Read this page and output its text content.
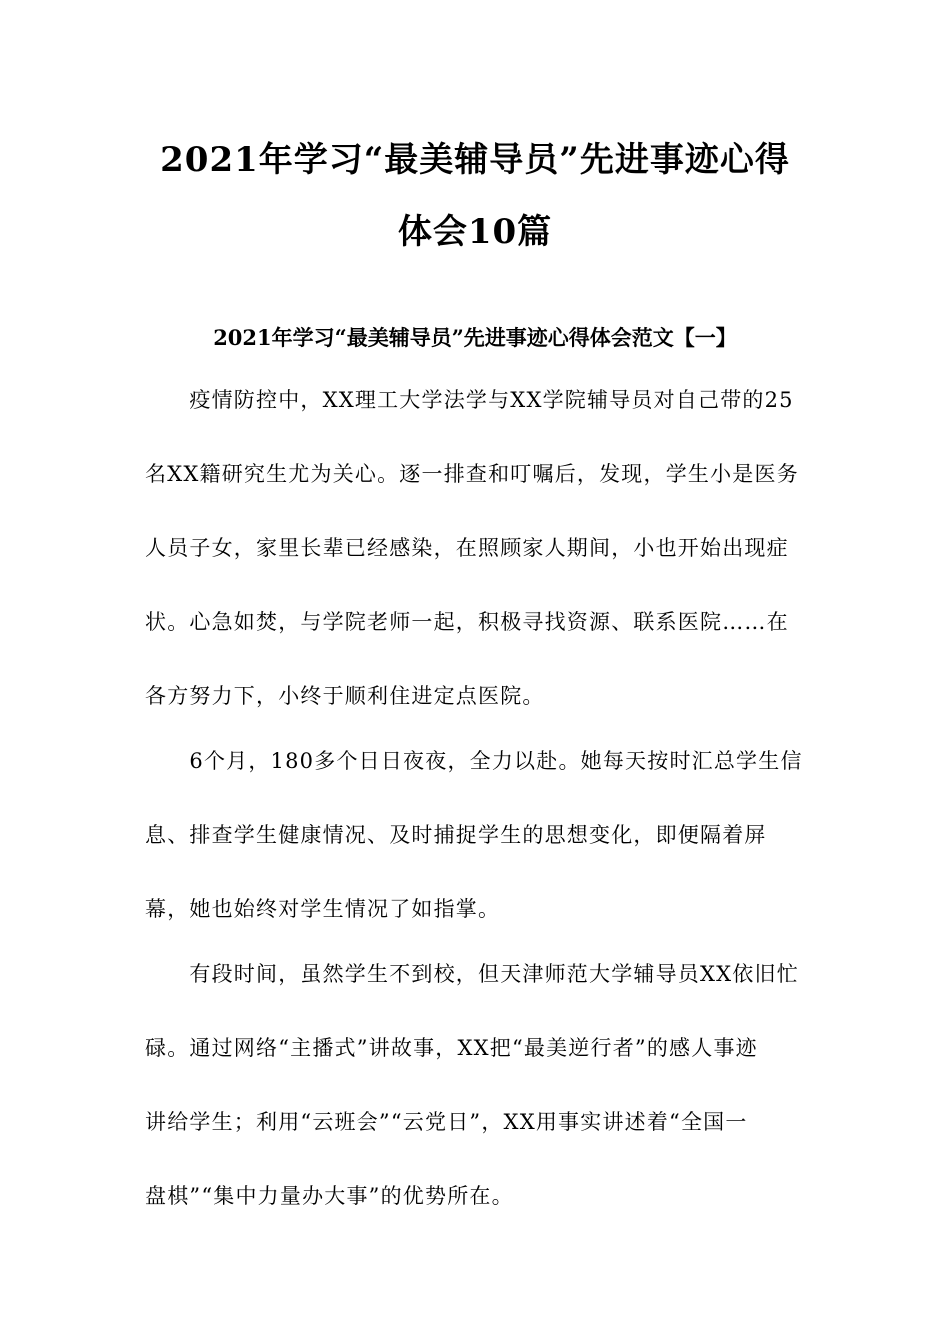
2021年学习“最美辅导员”先进事迹心得
体会10篇
2021年学习“最美辅导员”先进事迹心得体会范文【一】
　　疫情防控中，XX理工大学法学与XX学院辅导员对自己带的25
名XX籍研究生尤为关心。逐一排查和叮嘱后，发现，学生小是医务
人员子女，家里长辈已经感染，在照顾家人期间，小也开始出现症
状。心急如焚，与学院老师一起，积极寻找资源、联系医院……在
各方努力下，小终于顺利住进定点医院。
　　6个月，180多个日日夜夜，全力以赴。她每天按时汇总学生信
息、排查学生健康情况、及时捕捉学生的思想变化，即便隔着屏
幕，她也始终对学生情况了如指掌。
　　有段时间，虽然学生不到校，但天津师范大学辅导员XX依旧忙
碌。通过网络“主播式”讲故事，XX把“最美逆行者”的感人事迹
讲给学生；利用“云班会”“云党日”，XX用事实讲述着“全国一
盘棋”“集中力量办大事”的优势所在。
